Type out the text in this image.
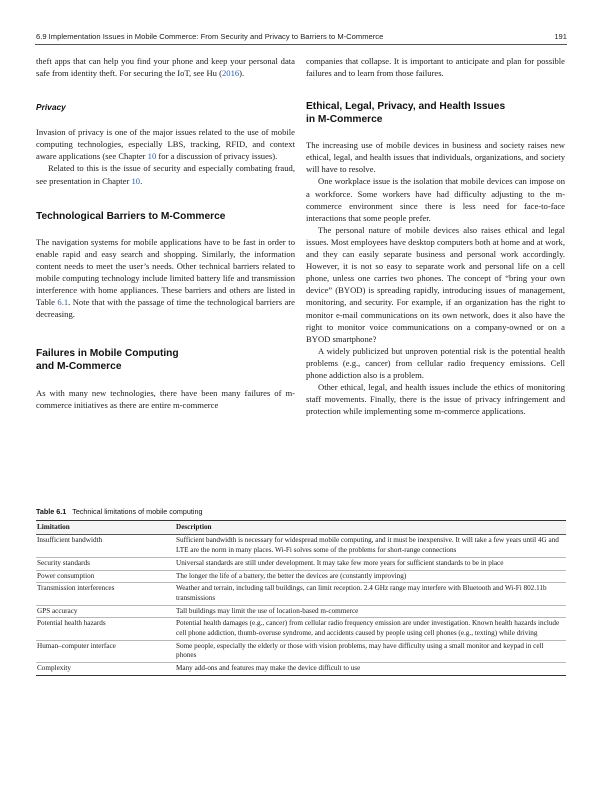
6.9 Implementation Issues in Mobile Commerce: From Security and Privacy to Barriers to M-Commerce	191

theft apps that can help you find your phone and keep your personal data safe from identity theft. For securing the IoT, see Hu (2016).

Privacy

Invasion of privacy is one of the major issues related to the use of mobile computing technologies, especially LBS, tracking, RFID, and context aware applications (see Chapter 10 for a discussion of privacy issues).

Related to this is the issue of security and especially combating fraud, see presentation in Chapter 10.

Technological Barriers to M-Commerce

The navigation systems for mobile applications have to be fast in order to enable rapid and easy search and shopping. Similarly, the information content needs to meet the user’s needs. Other technical barriers related to mobile computing technology include limited battery life and transmission interference with home appliances. These barriers and others are listed in Table 6.1. Note that with the passage of time the technological barriers are decreasing.

Failures in Mobile Computing
and M-Commerce

As with many new technologies, there have been many failures of m-commerce initiatives as there are entire m-commerce

companies that collapse. It is important to anticipate and plan for possible failures and to learn from those failures.

Ethical, Legal, Privacy, and Health Issues
in M-Commerce

The increasing use of mobile devices in business and society raises new ethical, legal, and health issues that individuals, organizations, and society will have to resolve.

One workplace issue is the isolation that mobile devices can impose on a workforce. Some workers have had difficulty adjusting to the m-commerce environment since there is less need for face-to-face interactions that some people prefer.

The personal nature of mobile devices also raises ethical and legal issues. Most employees have desktop computers both at home and at work, and they can easily separate business and personal work accordingly. However, it is not so easy to separate work and personal life on a cell phone, unless one carries two phones. The concept of “bring your own device” (BYOD) is spreading rapidly, introducing issues of management, monitoring, and security. For example, if an organization has the right to monitor e-mail communications on its own network, does it also have the right to monitor voice communications on a company-owned or on a BYOD smartphone?

A widely publicized but unproven potential risk is the potential health problems (e.g., cancer) from cellular radio frequency emissions. Cell phone addiction also is a problem.

Other ethical, legal, and health issues include the ethics of monitoring staff movements. Finally, there is the issue of privacy infringement and protection while implementing some m-commerce applications.

Table 6.1 Technical limitations of mobile computing
Limitation	Description
Insufficient bandwidth	Sufficient bandwidth is necessary for widespread mobile computing, and it must be inexpensive. It will take a few years until 4G and LTE are the norm in many places. Wi-Fi solves some of the problems for short-range connections
Security standards	Universal standards are still under development. It may take few more years for sufficient standards to be in place
Power consumption	The longer the life of a battery, the better the devices are (constantly improving)
Transmission interferences	Weather and terrain, including tall buildings, can limit reception. 2.4 GHz range may interfere with Bluetooth and Wi-Fi 802.11b transmissions
GPS accuracy	Tall buildings may limit the use of location-based m-commerce
Potential health hazards	Potential health damages (e.g., cancer) from cellular radio frequency emission are under investigation. Known health hazards include cell phone addiction, thumb-overuse syndrome, and accidents caused by people using cell phones (e.g., texting) while driving
Human–computer interface	Some people, especially the elderly or those with vision problems, may have difficulty using a small monitor and keypad in cell phones
Complexity	Many add-ons and features may make the device difficult to use
